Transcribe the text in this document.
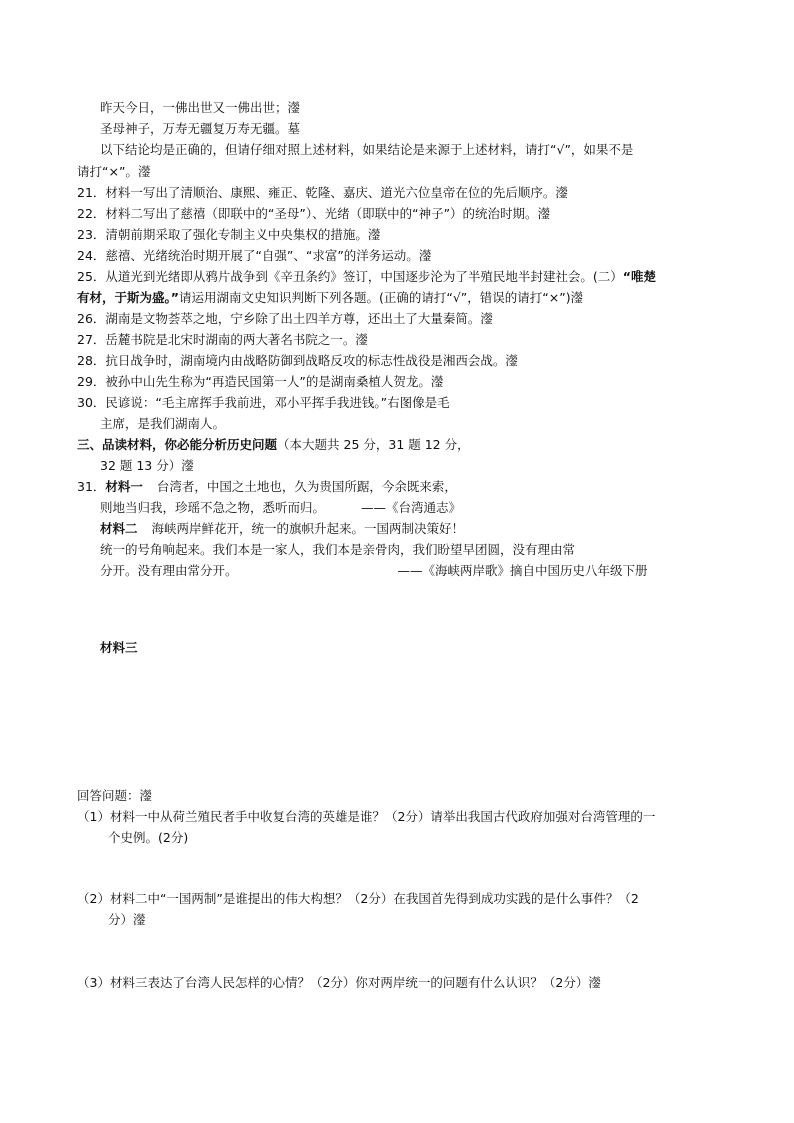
昨天今日，一佛出世又一佛出世；灐
圣母神子，万寿无疆复万寿无疆。墓
以下结论均是正确的，但请仔细对照上述材料，如果结论是来源于上述材料，请打“√”，如果不是
请打“×”。灐
21．材料一写出了清顺治、康熙、雍正、乾隆、嘉庆、道光六位皇帝在位的先后顺序。灐
22．材料二写出了慈禧（即联中的“圣母”）、光绪（即联中的“神子”）的统治时期。灐
23．清朝前期采取了强化专制主义中央集权的措施。灐
24．慈禧、光绪统治时期开展了“自强”、“求富”的洋务运动。灐
25．从道光到光绪即从鸦片战争到《辛丑条约》签订，中国逐步沦为了半殖民地半封建社会。(二）“唯楚
有材，于斯为盛。”请运用湖南文史知识判断下列各题。(正确的请打“√”，错误的请打“×”)灐
26．湖南是文物荟萃之地，宁乡除了出土四羊方尊，还出土了大量秦简。灐
27．岳麓书院是北宋时湖南的两大著名书院之一。灐
28．抗日战争时，湖南境内由战略防御到战略反攻的标志性战役是湘西会战。灐
29．被孙中山先生称为“再造民国第一人”的是湖南桑植人贺龙。灐
30．民谚说：“毛主席挥手我前进，邓小平挥手我进钱。”右图像是毛
主席，是我们湖南人。
三、品读材料，你必能分析历史问题（本大题共 25 分，31 题 12 分，
32 题 13 分）灐
31．材料一 台湾者，中国之土地也，久为贵国所踞，今余既来索，
则地当归我，珍瑶不急之物，悉听而归。	——《台湾通志》
材料二 海峡两岸鲜花开，统一的旗帜升起来。一国两制决策好！
统一的号角响起来。我们本是一家人，我们本是亲骨肉，我们盼望早团圆，没有理由常
分开。没有理由常分开。	——《海峡两岸歌》摘自中国历史八年级下册
材料三
回答问题：灐
（1）材料一中从荷兰殖民者手中收复台湾的英雄是谁？（2分）请举出我国古代政府加强对台湾管理的一
个史例。(2分)
（2）材料二中“一国两制”是谁提出的伟大构想？（2分）在我国首先得到成功实践的是什么事件？（2
分）灐
（3）材料三表达了台湾人民怎样的心情？（2分）你对两岸统一的问题有什么认识？（2分）灐
